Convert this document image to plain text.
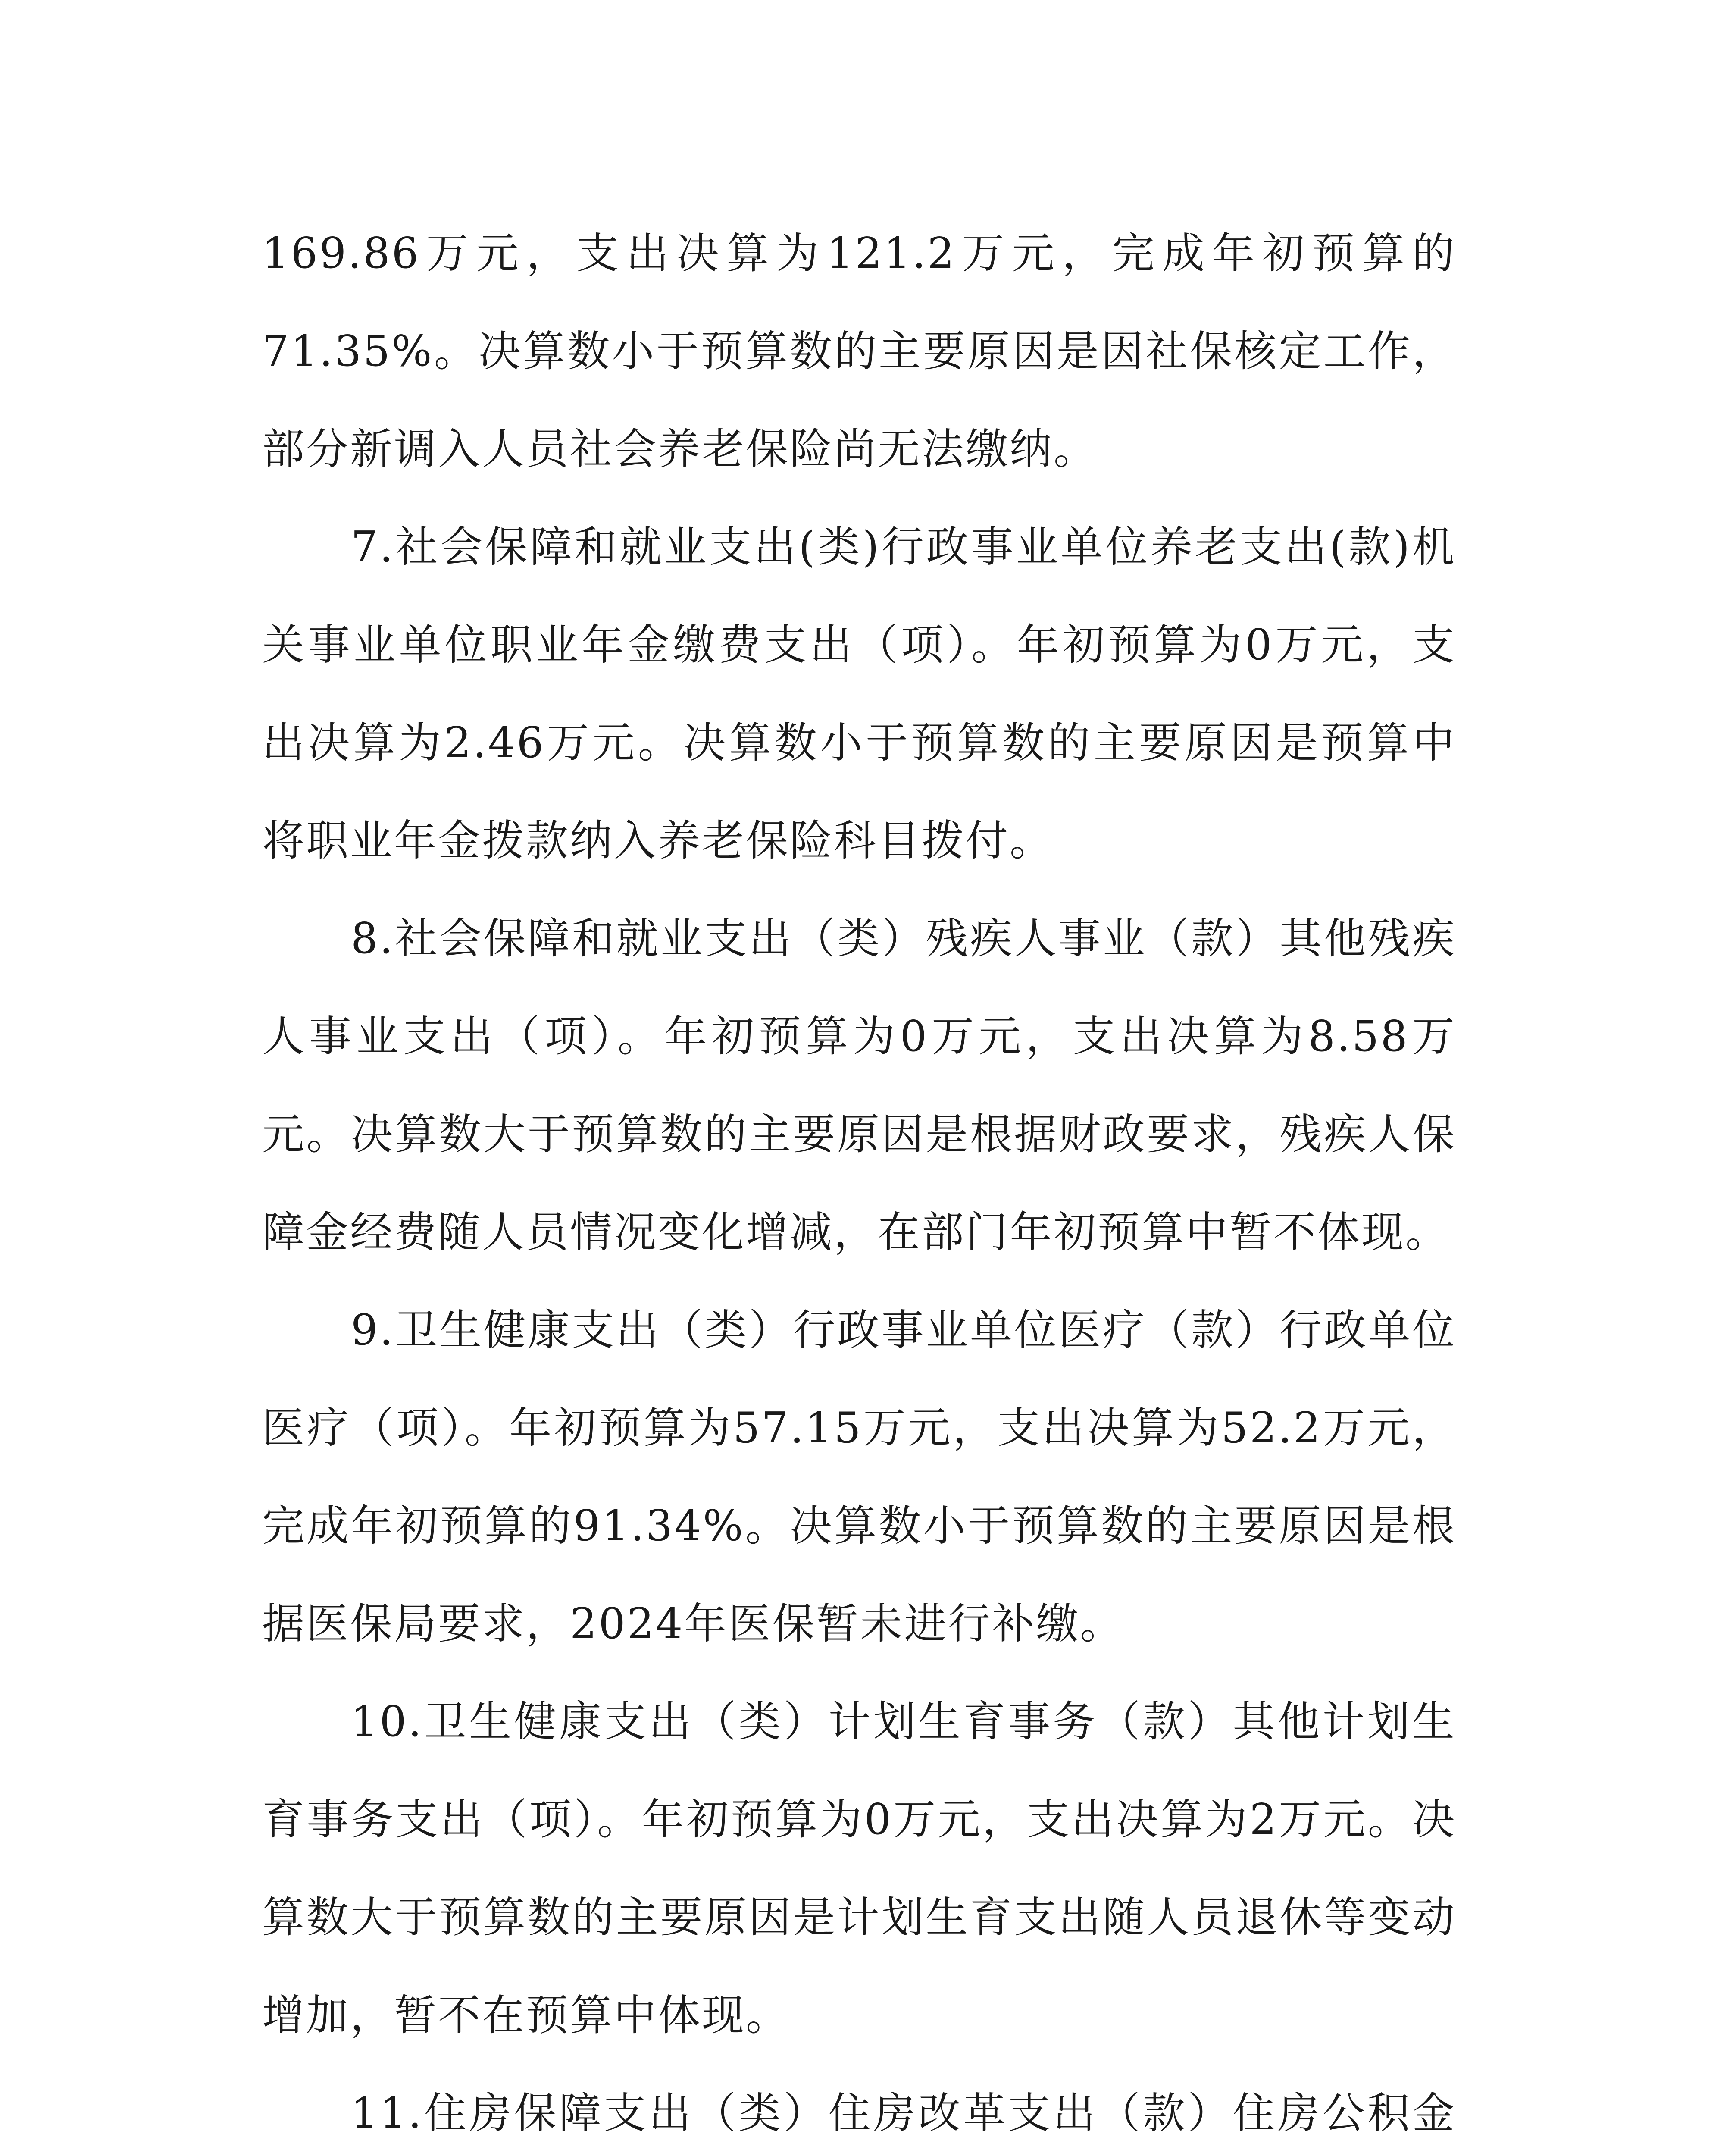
169.86万元，支出决算为121.2万元，完成年初预算的71.35%。决算数小于预算数的主要原因是因社保核定工作，部分新调入人员社会养老保险尚无法缴纳。

7.社会保障和就业支出(类)行政事业单位养老支出(款)机关事业单位职业年金缴费支出（项）。年初预算为0万元，支出决算为2.46万元。决算数小于预算数的主要原因是预算中将职业年金拨款纳入养老保险科目拨付。

8.社会保障和就业支出（类）残疾人事业（款）其他残疾人事业支出（项）。年初预算为0万元，支出决算为8.58万元。决算数大于预算数的主要原因是根据财政要求，残疾人保障金经费随人员情况变化增减，在部门年初预算中暂不体现。

9.卫生健康支出（类）行政事业单位医疗（款）行政单位医疗（项）。年初预算为57.15万元，支出决算为52.2万元，完成年初预算的91.34%。决算数小于预算数的主要原因是根据医保局要求，2024年医保暂未进行补缴。

10.卫生健康支出（类）计划生育事务（款）其他计划生育事务支出（项）。年初预算为0万元，支出决算为2万元。决算数大于预算数的主要原因是计划生育支出随人员退休等变动增加，暂不在预算中体现。

11.住房保障支出（类）住房改革支出（款）住房公积金
